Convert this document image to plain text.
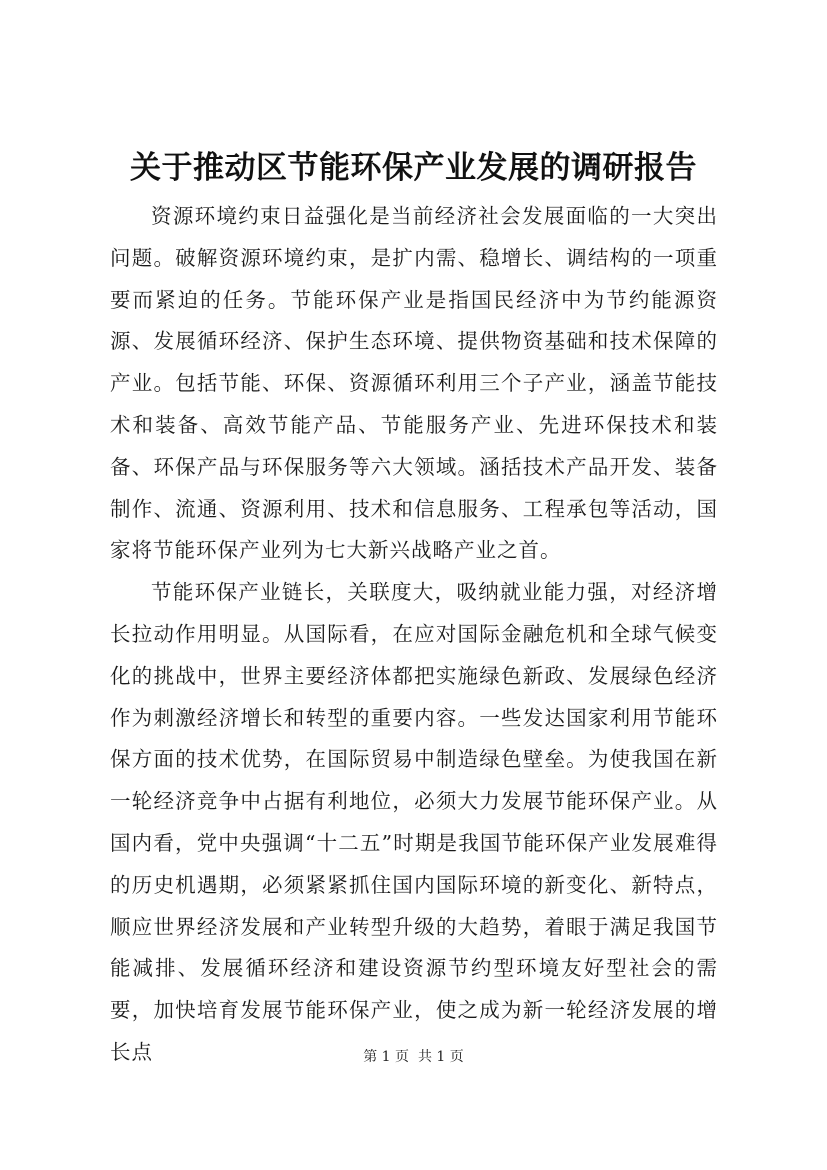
关于推动区节能环保产业发展的调研报告

资源环境约束日益强化是当前经济社会发展面临的一大突出问题。破解资源环境约束，是扩内需、稳增长、调结构的一项重要而紧迫的任务。节能环保产业是指国民经济中为节约能源资源、发展循环经济、保护生态环境、提供物资基础和技术保障的产业。包括节能、环保、资源循环利用三个子产业，涵盖节能技术和装备、高效节能产品、节能服务产业、先进环保技术和装备、环保产品与环保服务等六大领域。涵括技术产品开发、装备制作、流通、资源利用、技术和信息服务、工程承包等活动，国家将节能环保产业列为七大新兴战略产业之首。

节能环保产业链长，关联度大，吸纳就业能力强，对经济增长拉动作用明显。从国际看，在应对国际金融危机和全球气候变化的挑战中，世界主要经济体都把实施绿色新政、发展绿色经济作为刺激经济增长和转型的重要内容。一些发达国家利用节能环保方面的技术优势，在国际贸易中制造绿色壁垒。为使我国在新一轮经济竞争中占据有利地位，必须大力发展节能环保产业。从国内看，党中央强调“十二五”时期是我国节能环保产业发展难得的历史机遇期，必须紧紧抓住国内国际环境的新变化、新特点，顺应世界经济发展和产业转型升级的大趋势，着眼于满足我国节能减排、发展循环经济和建设资源节约型环境友好型社会的需要，加快培育发展节能环保产业，使之成为新一轮经济发展的增长点	第 1 页  共 1 页
